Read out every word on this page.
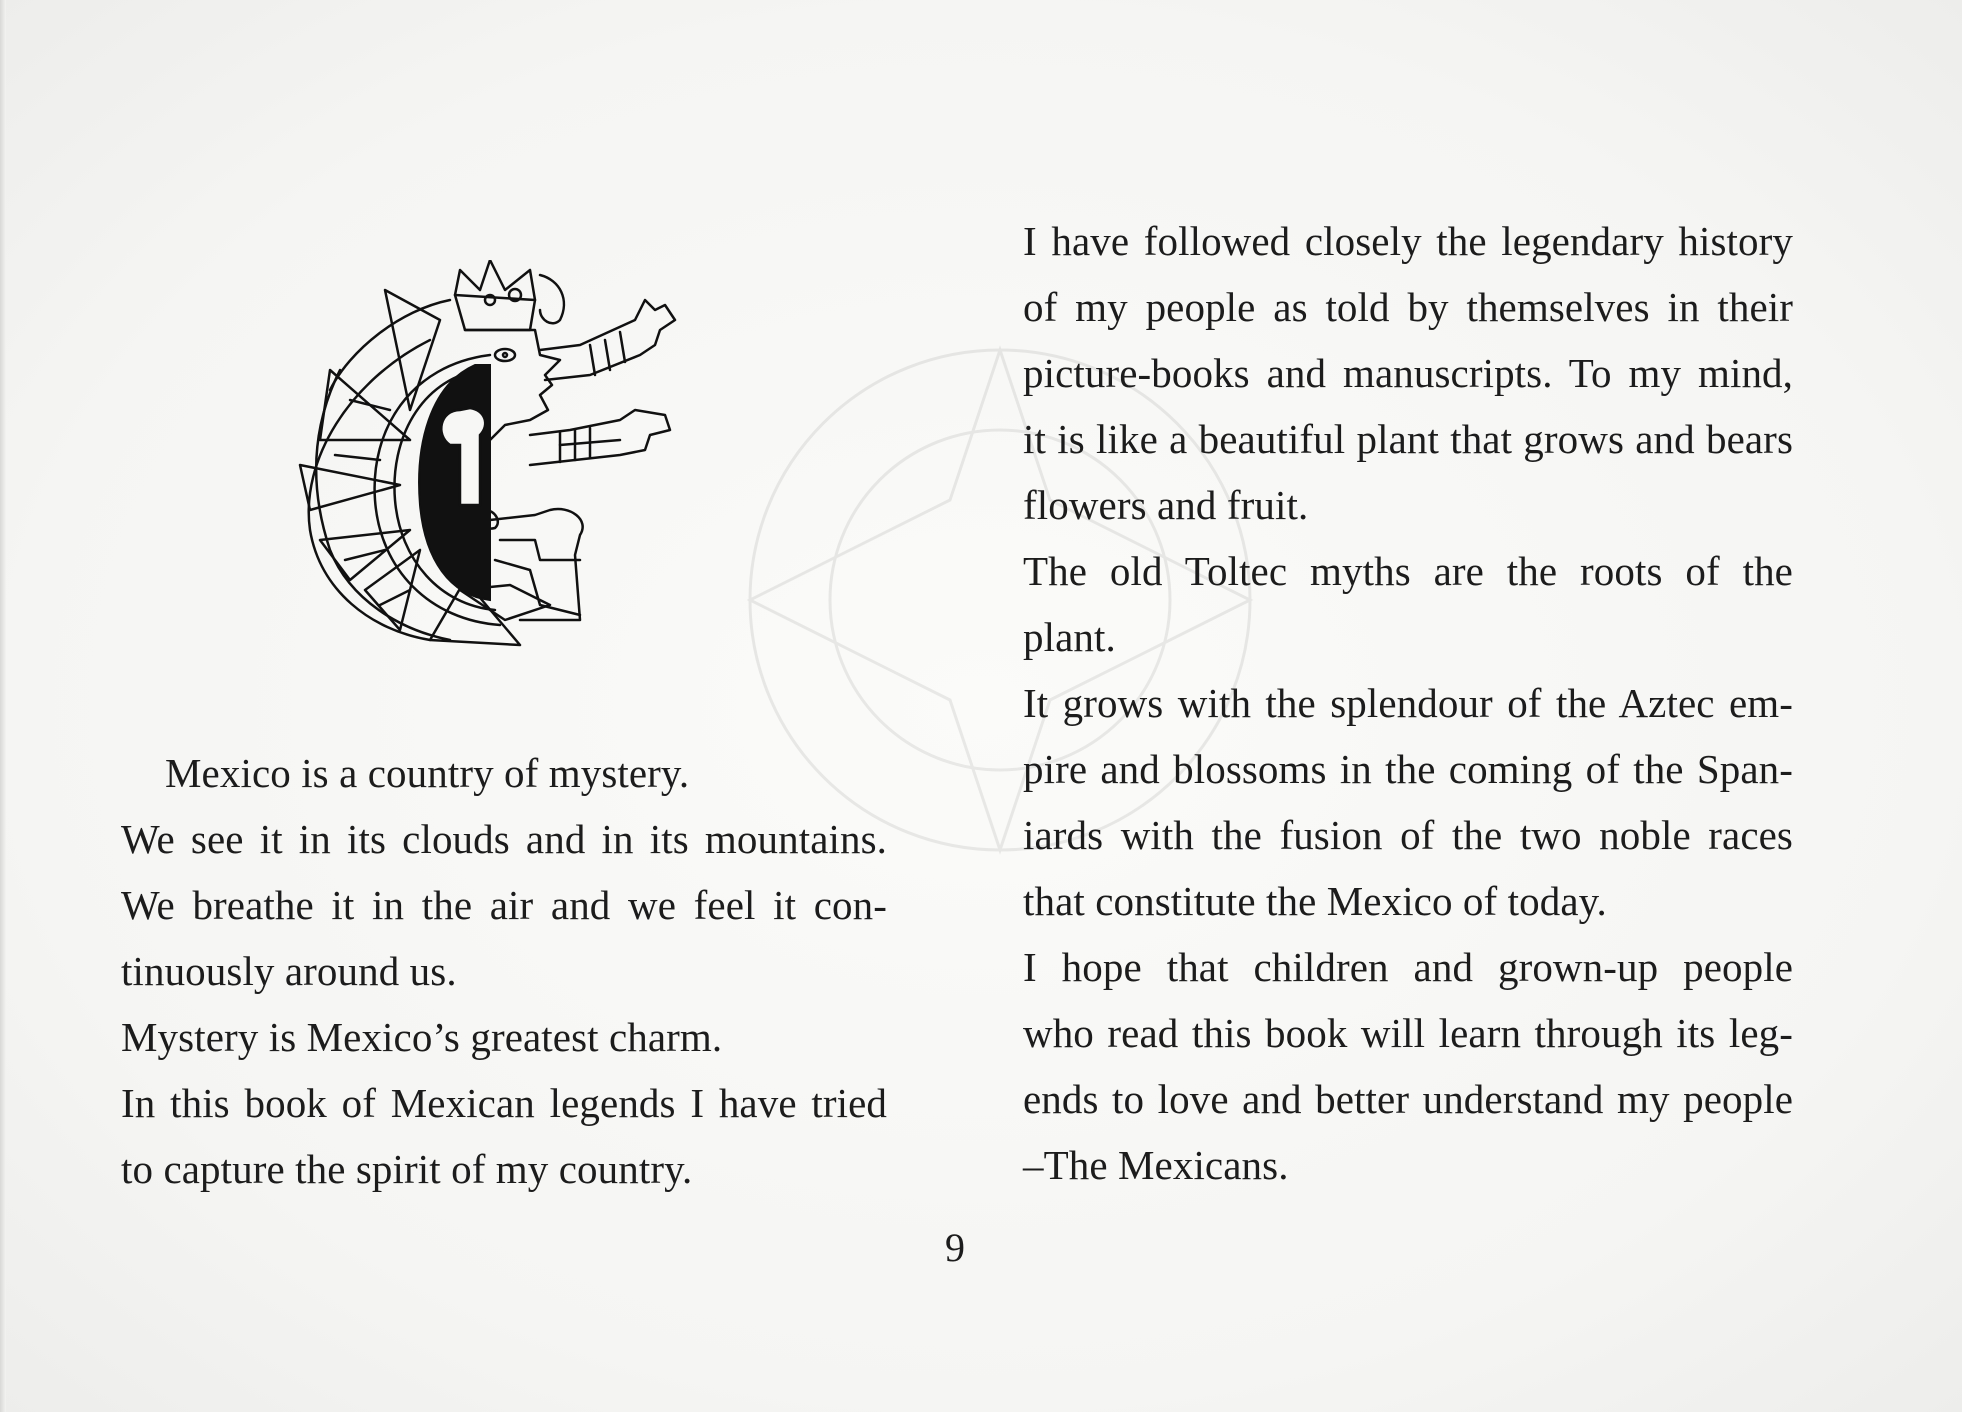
Mexico is a country of mystery.
We see it in its clouds and in its mountains.
We breathe it in the air and we feel it con-
tinuously around us.
Mystery is Mexico’s greatest charm.
In this book of Mexican legends I have tried
to capture the spirit of my country.
I have followed closely the legendary history
of my people as told by themselves in their
picture-books and manuscripts. To my mind,
it is like a beautiful plant that grows and bears
flowers and fruit.
The old Toltec myths are the roots of the
plant.
It grows with the splendour of the Aztec em-
pire and blossoms in the coming of the Span-
iards with the fusion of the two noble races
that constitute the Mexico of today.
I hope that children and grown-up people
who read this book will learn through its leg-
ends to love and better understand my people
–The Mexicans.
9
